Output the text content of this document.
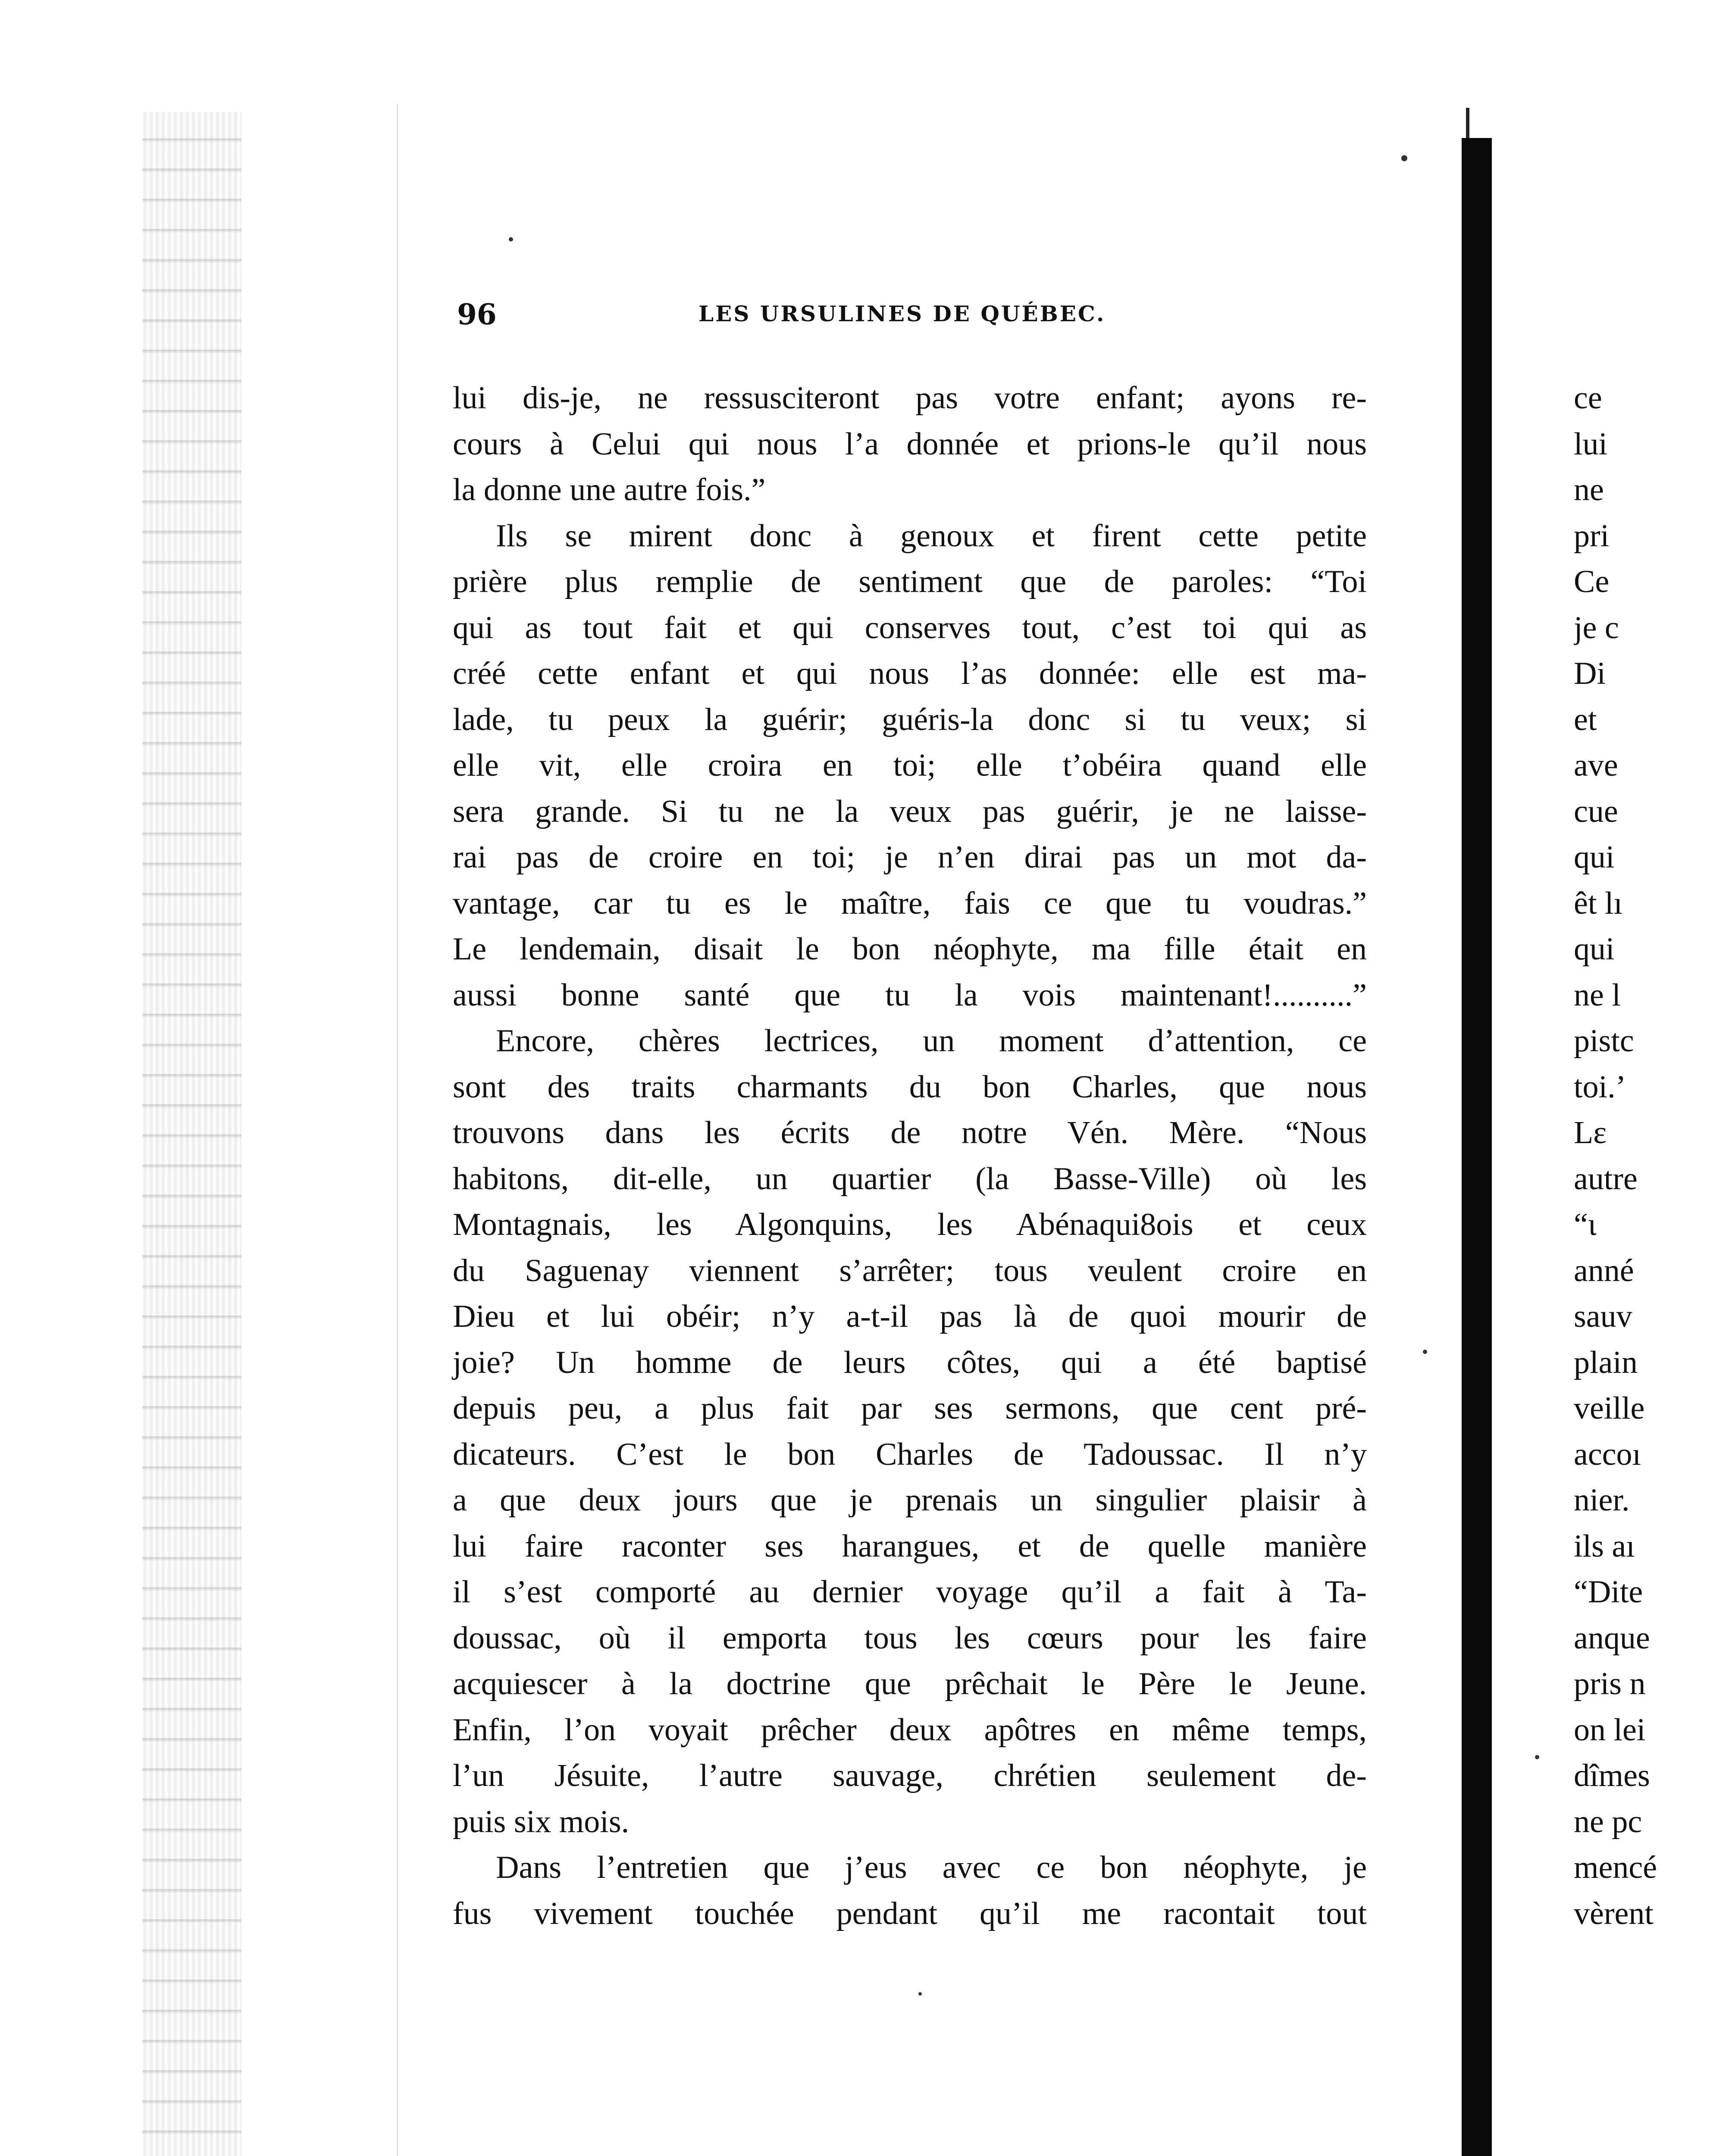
96	LES URSULINES DE QUÉBEC.
lui dis-je, ne ressusciteront pas votre enfant; ayons re-
cours à Celui qui nous l’a donnée et prions-le qu’il nous
la donne une autre fois.”
Ils se mirent donc à genoux et firent cette petite
prière plus remplie de sentiment que de paroles: “Toi
qui as tout fait et qui conserves tout, c’est toi qui as
créé cette enfant et qui nous l’as donnée: elle est ma-
lade, tu peux la guérir; guéris-la donc si tu veux; si
elle vit, elle croira en toi; elle t’obéira quand elle
sera grande. Si tu ne la veux pas guérir, je ne laisse-
rai pas de croire en toi; je n’en dirai pas un mot da-
vantage, car tu es le maître, fais ce que tu voudras.”
Le lendemain, disait le bon néophyte, ma fille était en
aussi bonne santé que tu la vois maintenant!..........”
Encore, chères lectrices, un moment d’attention, ce
sont des traits charmants du bon Charles, que nous
trouvons dans les écrits de notre Vén. Mère. “Nous
habitons, dit-elle, un quartier (la Basse-Ville) où les
Montagnais, les Algonquins, les Abénaqui8ois et ceux
du Saguenay viennent s’arrêter; tous veulent croire en
Dieu et lui obéir; n’y a-t-il pas là de quoi mourir de
joie? Un homme de leurs côtes, qui a été baptisé
depuis peu, a plus fait par ses sermons, que cent pré-
dicateurs. C’est le bon Charles de Tadoussac. Il n’y
a que deux jours que je prenais un singulier plaisir à
lui faire raconter ses harangues, et de quelle manière
il s’est comporté au dernier voyage qu’il a fait à Ta-
doussac, où il emporta tous les cœurs pour les faire
acquiescer à la doctrine que prêchait le Père le Jeune.
Enfin, l’on voyait prêcher deux apôtres en même temps,
l’un Jésuite, l’autre sauvage, chrétien seulement de-
puis six mois.
Dans l’entretien que j’eus avec ce bon néophyte, je
fus vivement touchée pendant qu’il me racontait tout
ce
lui
ne
pri
Ce
je c
Di
et
ave
cue
qui
êt lı
qui
ne l
pistc
toi.’
Lε
autre
“ι
anné
sauv
plain
veille
accoı
nier.
ils aı
“Dite
anque
pris n
on lei
dîmes
ne pc
mencé
vèrent
